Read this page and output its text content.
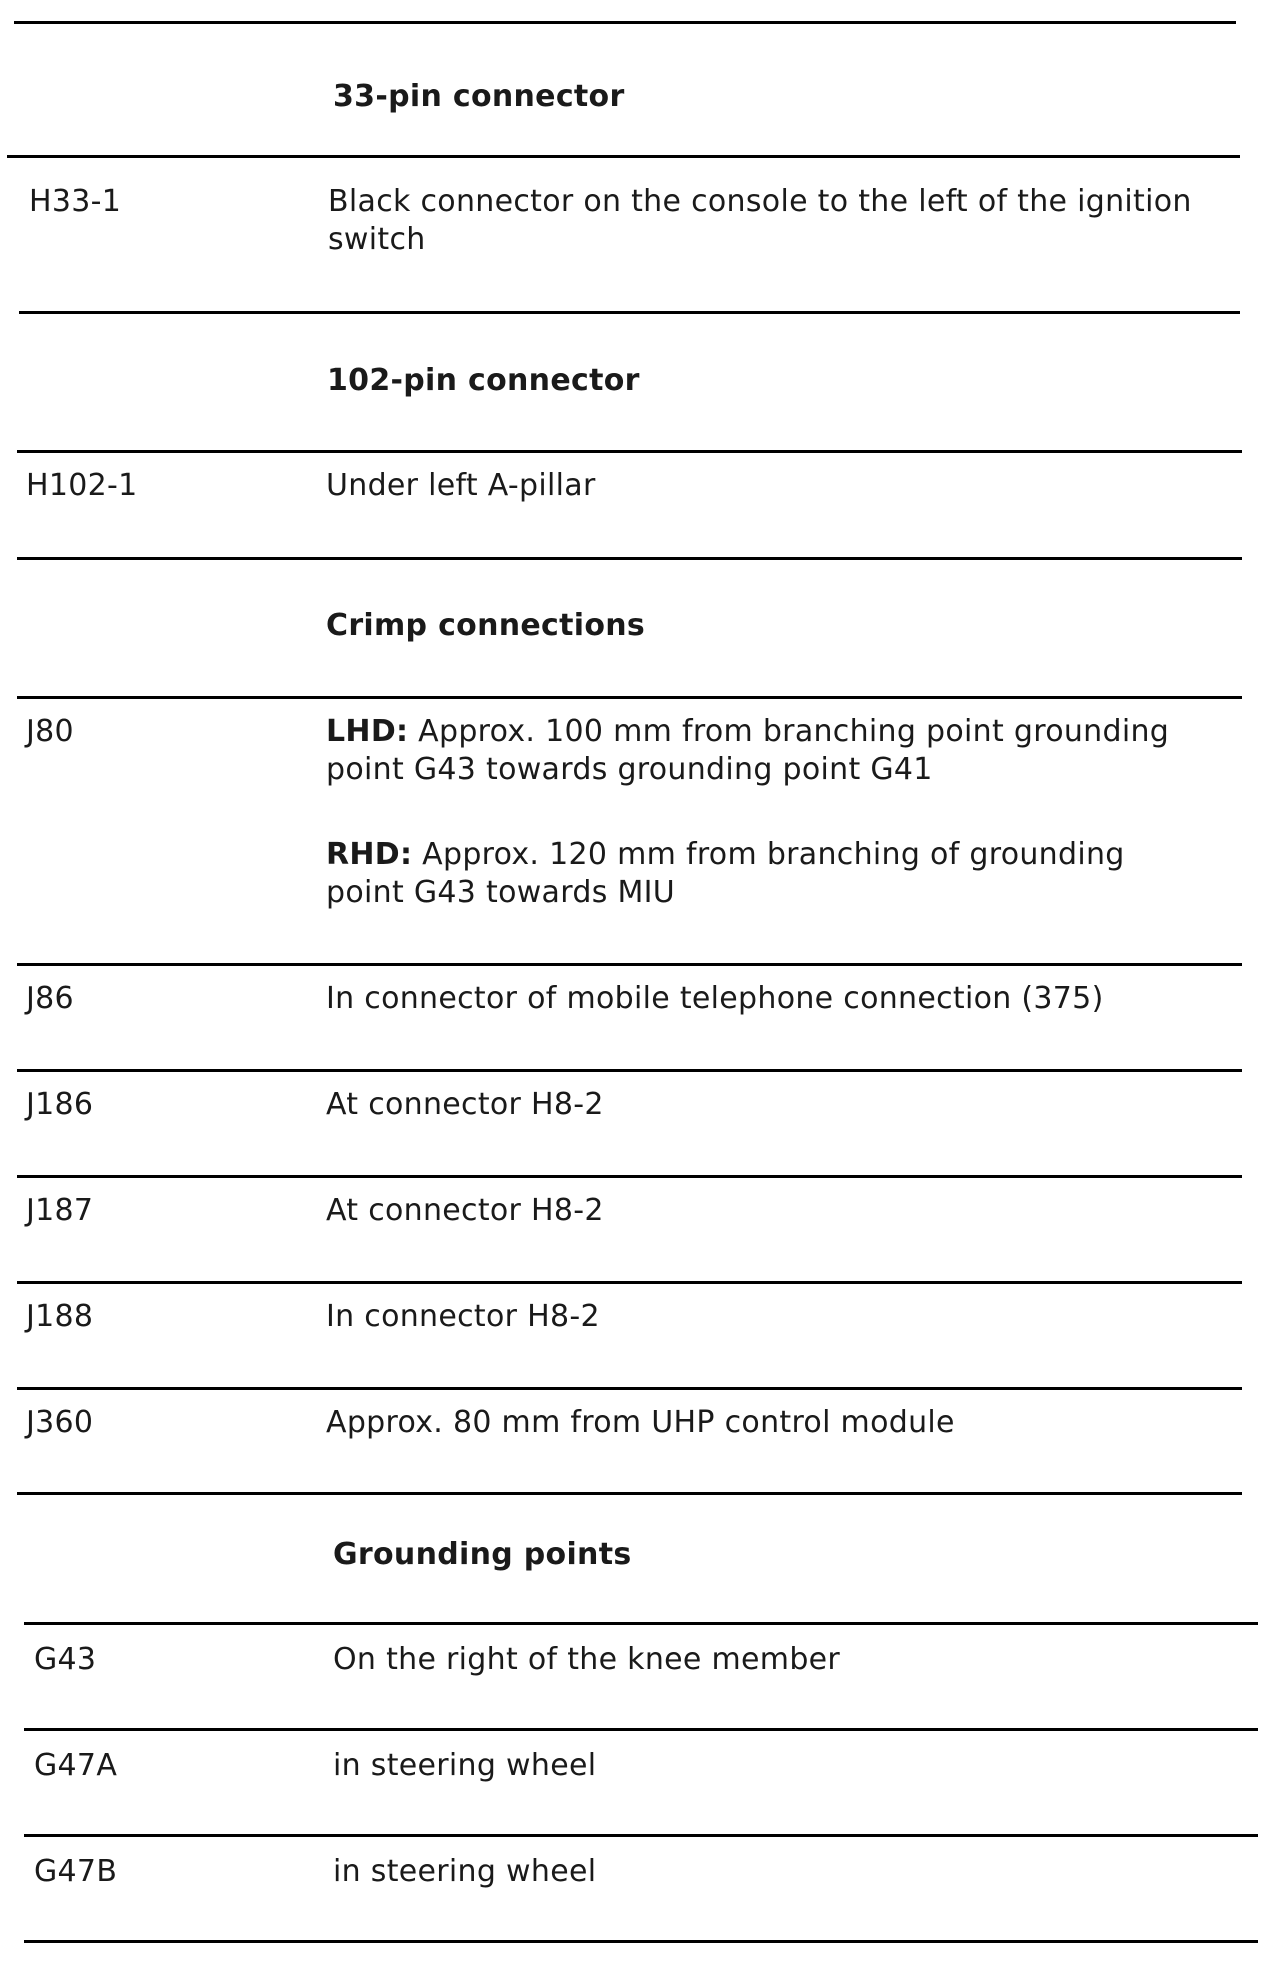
33-pin connector
H33-1	Black connector on the console to the left of the ignition switch
102-pin connector
H102-1	Under left A-pillar
Crimp connections
J80	LHD: Approx. 100 mm from branching point grounding point G43 towards grounding point G41
RHD: Approx. 120 mm from branching of grounding point G43 towards MIU
J86	In connector of mobile telephone connection (375)
J186	At connector H8-2
J187	At connector H8-2
J188	In connector H8-2
J360	Approx. 80 mm from UHP control module
Grounding points
G43	On the right of the knee member
G47A	in steering wheel
G47B	in steering wheel
